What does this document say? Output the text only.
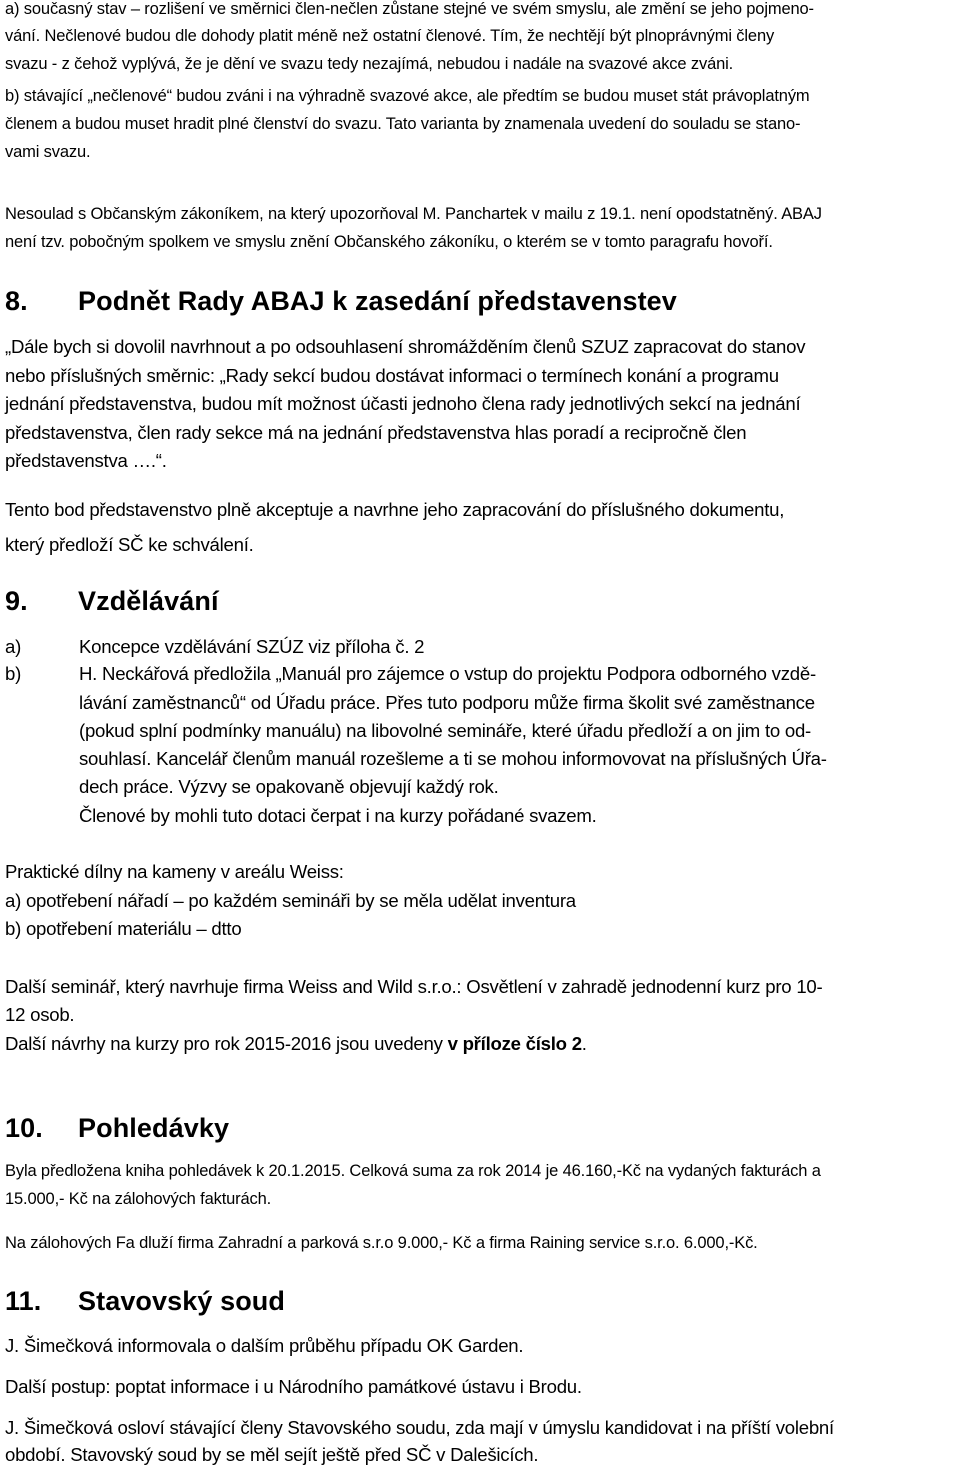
a) současný stav – rozlišení ve směrnici člen-nečlen zůstane stejné ve svém smyslu, ale změní se jeho pojmeno-
vání. Nečlenové budou dle dohody platit méně než ostatní členové. Tím, že nechtějí být plnoprávnými členy
svazu - z čehož vyplývá, že je dění ve svazu tedy nezajímá, nebudou i nadále na svazové akce zváni.
b) stávající „nečlenové“ budou zváni i na výhradně svazové akce, ale předtím se budou muset stát právoplatným
členem a budou muset hradit plné členství do svazu. Tato varianta by znamenala uvedení do souladu se stano-
vami svazu.
Nesoulad s Občanským zákoníkem, na který upozorňoval M. Panchartek v mailu z 19.1. není opodstatněný. ABAJ
není tzv. pobočným spolkem ve smyslu znění Občanského zákoníku, o kterém se v tomto paragrafu hovoří.
8. Podnět Rady ABAJ k zasedání představenstev
„Dále bych si dovolil navrhnout a po odsouhlasení shromážděním členů SZUZ zapracovat do stanov
nebo příslušných směrnic: „Rady sekcí budou dostávat informaci o termínech konání a programu
jednání představenstva, budou mít možnost účasti jednoho člena rady jednotlivých sekcí na jednání
představenstva, člen rady sekce má na jednání představenstva hlas poradí a recipročně člen
představenstva ….“.
Tento bod představenstvo plně akceptuje a navrhne jeho zapracování do příslušného dokumentu,
který předloží SČ ke schválení.
9. Vzdělávání
a)	Koncepce vzdělávání SZÚZ viz příloha č. 2
b)	H. Neckářová předložila „Manuál pro zájemce o vstup do projektu Podpora odborného vzdě-
lávání zaměstnanců“ od Úřadu práce. Přes tuto podporu může firma školit své zaměstnance
(pokud splní podmínky manuálu) na libovolné semináře, které úřadu předloží a on jim to od-
souhlasí. Kancelář členům manuál rozešleme a ti se mohou informovovat na příslušných Úřa-
dech práce. Výzvy se opakovaně objevují každý rok.
Členové by mohli tuto dotaci čerpat i na kurzy pořádané svazem.
Praktické dílny na kameny v areálu Weiss:
a) opotřebení nářadí – po každém semináři by se měla udělat inventura
b) opotřebení materiálu – dtto
Další seminář, který navrhuje firma Weiss and Wild s.r.o.: Osvětlení v zahradě jednodenní kurz pro 10-
12 osob.
Další návrhy na kurzy pro rok 2015-2016 jsou uvedeny v příloze číslo 2.
10. Pohledávky
Byla předložena kniha pohledávek k 20.1.2015. Celková suma za rok 2014 je 46.160,-Kč na vydaných fakturách a
15.000,- Kč na zálohových fakturách.
Na zálohových Fa dluží firma Zahradní a parková s.r.o 9.000,- Kč a firma Raining service s.r.o. 6.000,-Kč.
11. Stavovský soud
J. Šimečková informovala o dalším průběhu případu OK Garden.
Další postup: poptat informace i u Národního památkové ústavu i Brodu.
J. Šimečková osloví stávající členy Stavovského soudu, zda mají v úmyslu kandidovat i na příští volební
období. Stavovský soud by se měl sejít ještě před SČ v Dalešicích.
